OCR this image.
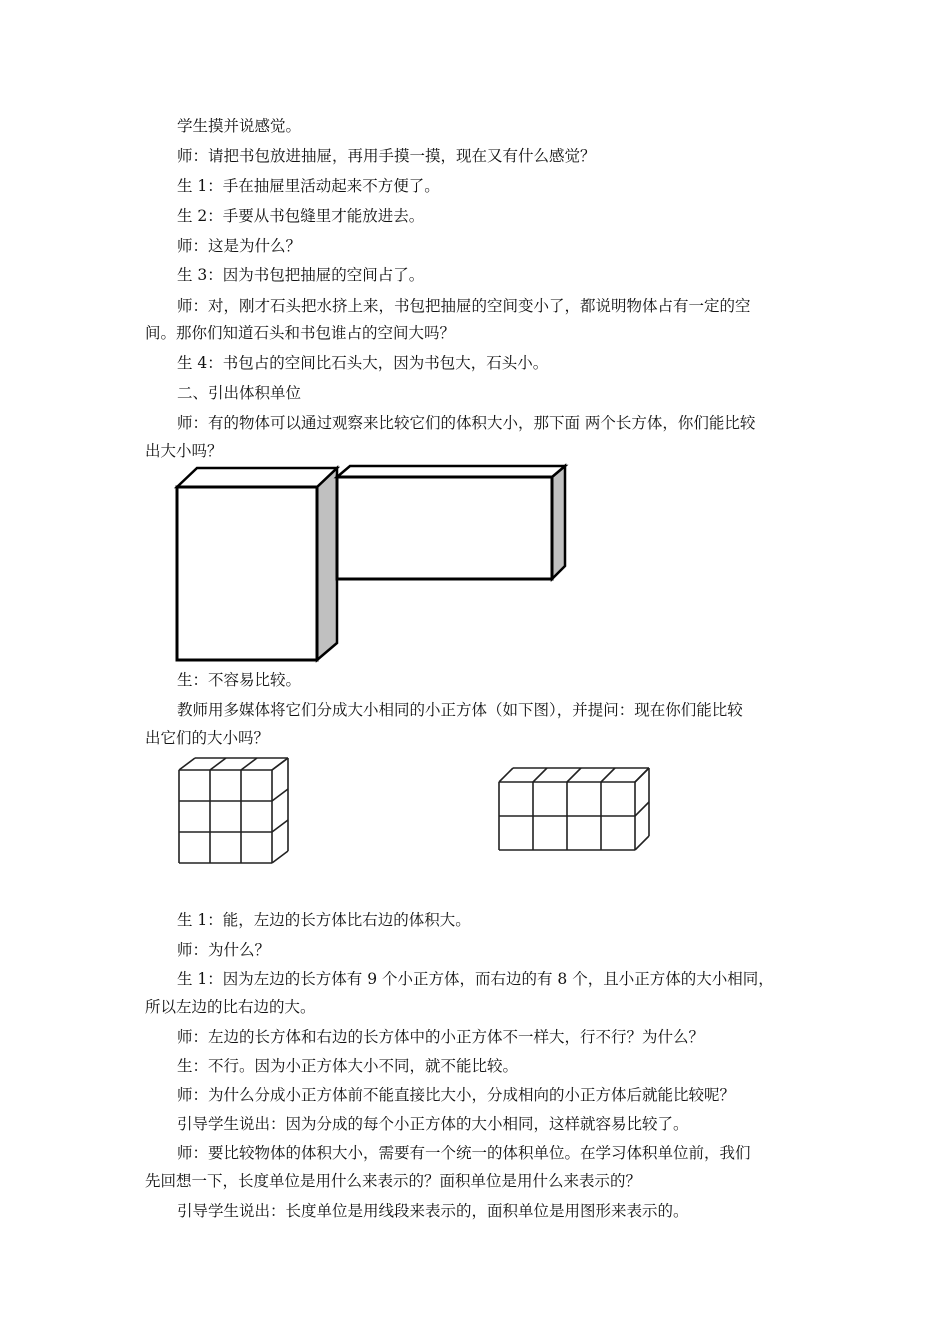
学生摸并说感觉。

师：请把书包放进抽屉，再用手摸一摸，现在又有什么感觉？

生 1：手在抽屉里活动起来不方便了。

生 2：手要从书包缝里才能放进去。

师：这是为什么？

生 3：因为书包把抽屉的空间占了。

师：对，刚才石头把水挤上来，书包把抽屉的空间变小了，都说明物体占有一定的空

间。那你们知道石头和书包谁占的空间大吗？

生 4：书包占的空间比石头大，因为书包大，石头小。

二、引出体积单位

师：有的物体可以通过观察来比较它们的体积大小，那下面 两个长方体，你们能比较

出大小吗？

生：不容易比较。

教师用多媒体将它们分成大小相同的小正方体（如下图），并提问：现在你们能比较

出它们的大小吗？

生 1：能，左边的长方体比右边的体积大。

师：为什么？

生 1：因为左边的长方体有 9 个小正方体，而右边的有 8 个，且小正方体的大小相同，

所以左边的比右边的大。

师：左边的长方体和右边的长方体中的小正方体不一样大，行不行？为什么？

生：不行。因为小正方体大小不同，就不能比较。

师：为什么分成小正方体前不能直接比大小，分成相向的小正方体后就能比较呢？

引导学生说出：因为分成的每个小正方体的大小相同，这样就容易比较了。

师：要比较物体的体积大小，需要有一个统一的体积单位。在学习体积单位前，我们

先回想一下，长度单位是用什么来表示的？面积单位是用什么来表示的？

引导学生说出：长度单位是用线段来表示的，面积单位是用图形来表示的。
